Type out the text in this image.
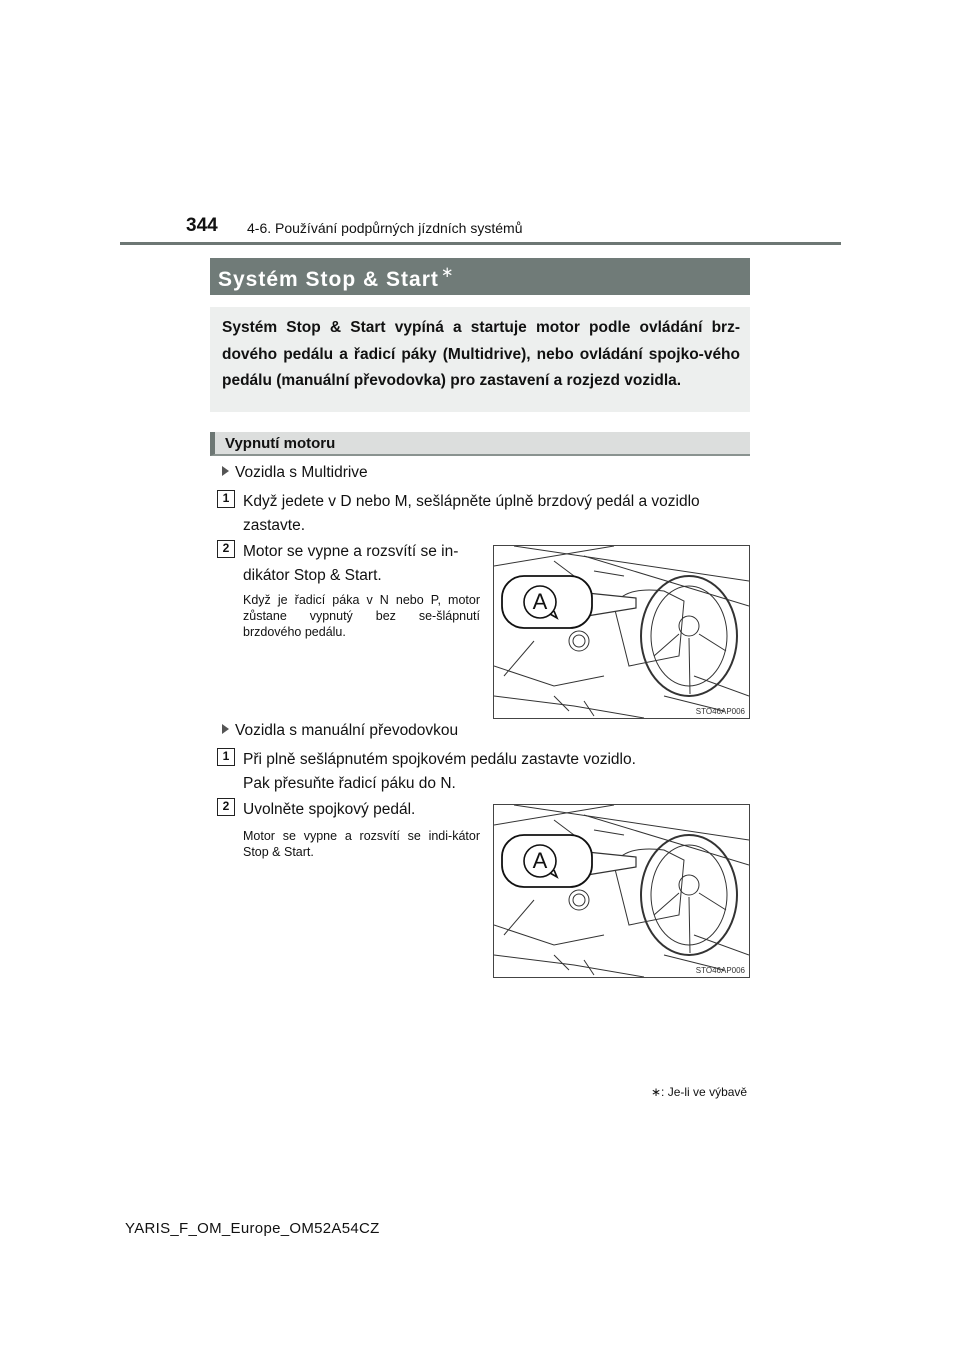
344 4-6. Používání podpůrných jízdních systémů
Systém Stop & Start ∗
Systém Stop & Start vypíná a startuje motor podle ovládání brz-dového pedálu a řadicí páky (Multidrive), nebo ovládání spojko-vého pedálu (manuální převodovka) pro zastavení a rozjezd vozidla.
Vypnutí motoru
Vozidla s Multidrive
1 Když jedete v D nebo M, sešlápněte úplně brzdový pedál a vozidlo
zastavte.
2 Motor se vypne a rozsvítí se in-
dikátor Stop & Start.
Když je řadicí páka v N nebo P, motor zůstane vypnutý bez se-šlápnutí brzdového pedálu.
A
STO46AP006
Vozidla s manuální převodovkou
1 Při plně sešlápnutém spojkovém pedálu zastavte vozidlo.
Pak přesuňte řadicí páku do N.
2 Uvolněte spojkový pedál.
Motor se vypne a rozsvítí se indi-kátor Stop & Start.	A
STO46AP006
∗: Je-li ve výbavě
YARIS_F_OM_Europe_OM52A54CZ
